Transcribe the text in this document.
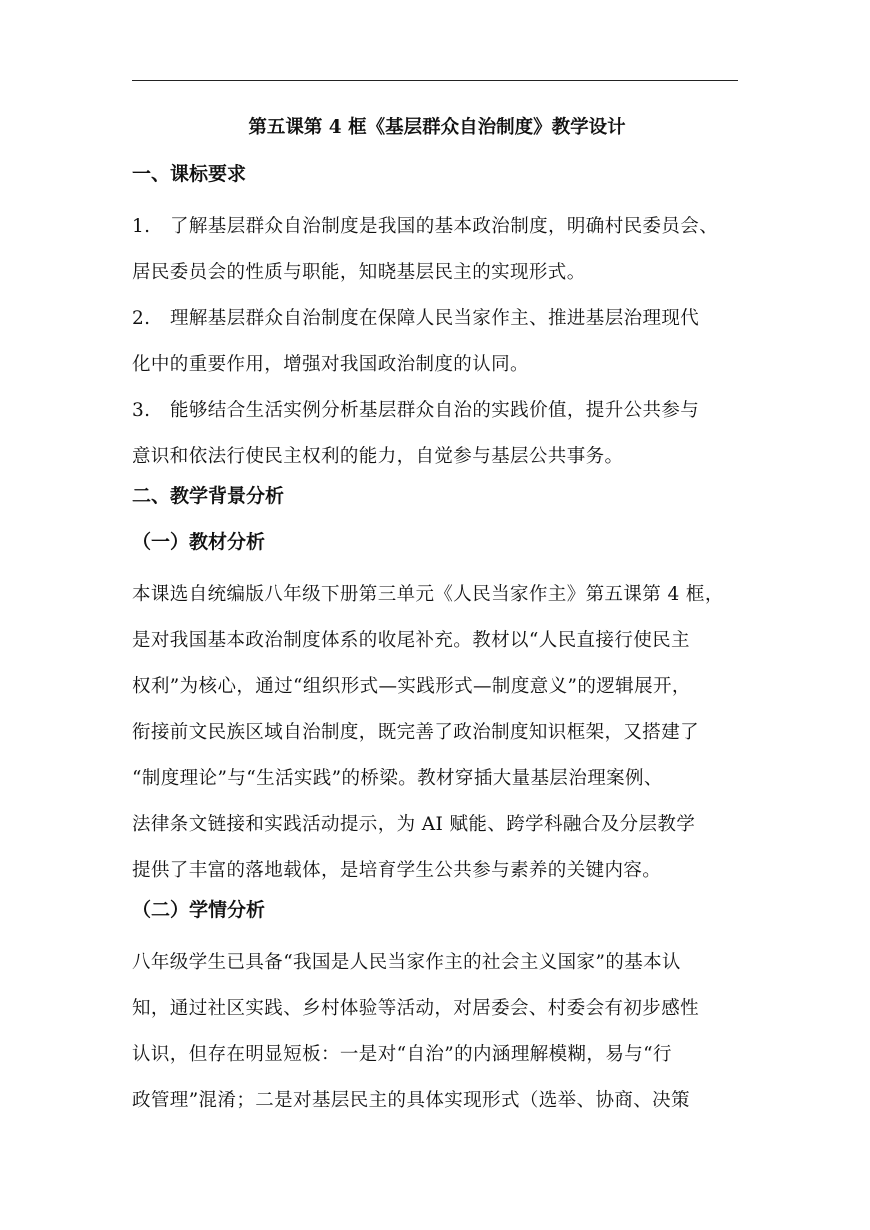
第五课第 4 框《基层群众自治制度》教学设计
一、课标要求
1. 了解基层群众自治制度是我国的基本政治制度，明确村民委员会、
居民委员会的性质与职能，知晓基层民主的实现形式。
2. 理解基层群众自治制度在保障人民当家作主、推进基层治理现代
化中的重要作用，增强对我国政治制度的认同。
3. 能够结合生活实例分析基层群众自治的实践价值，提升公共参与
意识和依法行使民主权利的能力，自觉参与基层公共事务。
二、教学背景分析
（一）教材分析
本课选自统编版八年级下册第三单元《人民当家作主》第五课第 4 框，
是对我国基本政治制度体系的收尾补充。教材以“人民直接行使民主
权利”为核心，通过“组织形式—实践形式—制度意义”的逻辑展开，
衔接前文民族区域自治制度，既完善了政治制度知识框架，又搭建了
“制度理论”与“生活实践”的桥梁。教材穿插大量基层治理案例、
法律条文链接和实践活动提示，为 AI 赋能、跨学科融合及分层教学
提供了丰富的落地载体，是培育学生公共参与素养的关键内容。
（二）学情分析
八年级学生已具备“我国是人民当家作主的社会主义国家”的基本认
知，通过社区实践、乡村体验等活动，对居委会、村委会有初步感性
认识，但存在明显短板：一是对“自治”的内涵理解模糊，易与“行
政管理”混淆；二是对基层民主的具体实现形式（选举、协商、决策
